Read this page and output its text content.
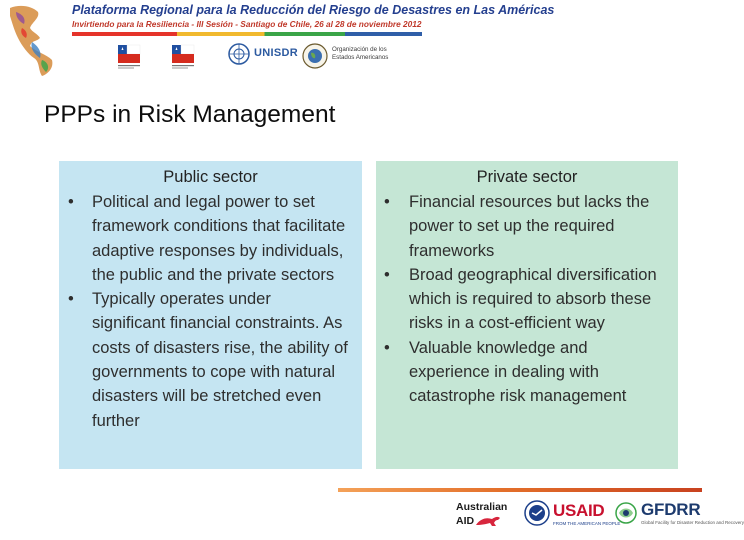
Plataforma Regional para la Reducción del Riesgo de Desastres en Las Américas
Invirtiendo para la Resiliencia - III Sesión - Santiago de Chile, 26 al 28 de noviembre 2012
UNISDR	Organización de los
Estados Americanos
PPPs in Risk Management
Public sector
• Political and legal power to set framework conditions that facilitate adaptive responses by individuals, the public and the private sectors
• Typically operates under significant financial constraints. As costs of disasters rise, the ability of governments to cope with natural disasters will be stretched even further
Private sector
• Financial resources but lacks the power to set up the required frameworks
• Broad geographical diversification which is required to absorb these risks in a cost-efficient way
• Valuable knowledge and experience in dealing with catastrophe risk management
Australian
AID
USAID
FROM THE AMERICAN PEOPLE
GFDRR
Global Facility for Disaster Reduction and Recovery
